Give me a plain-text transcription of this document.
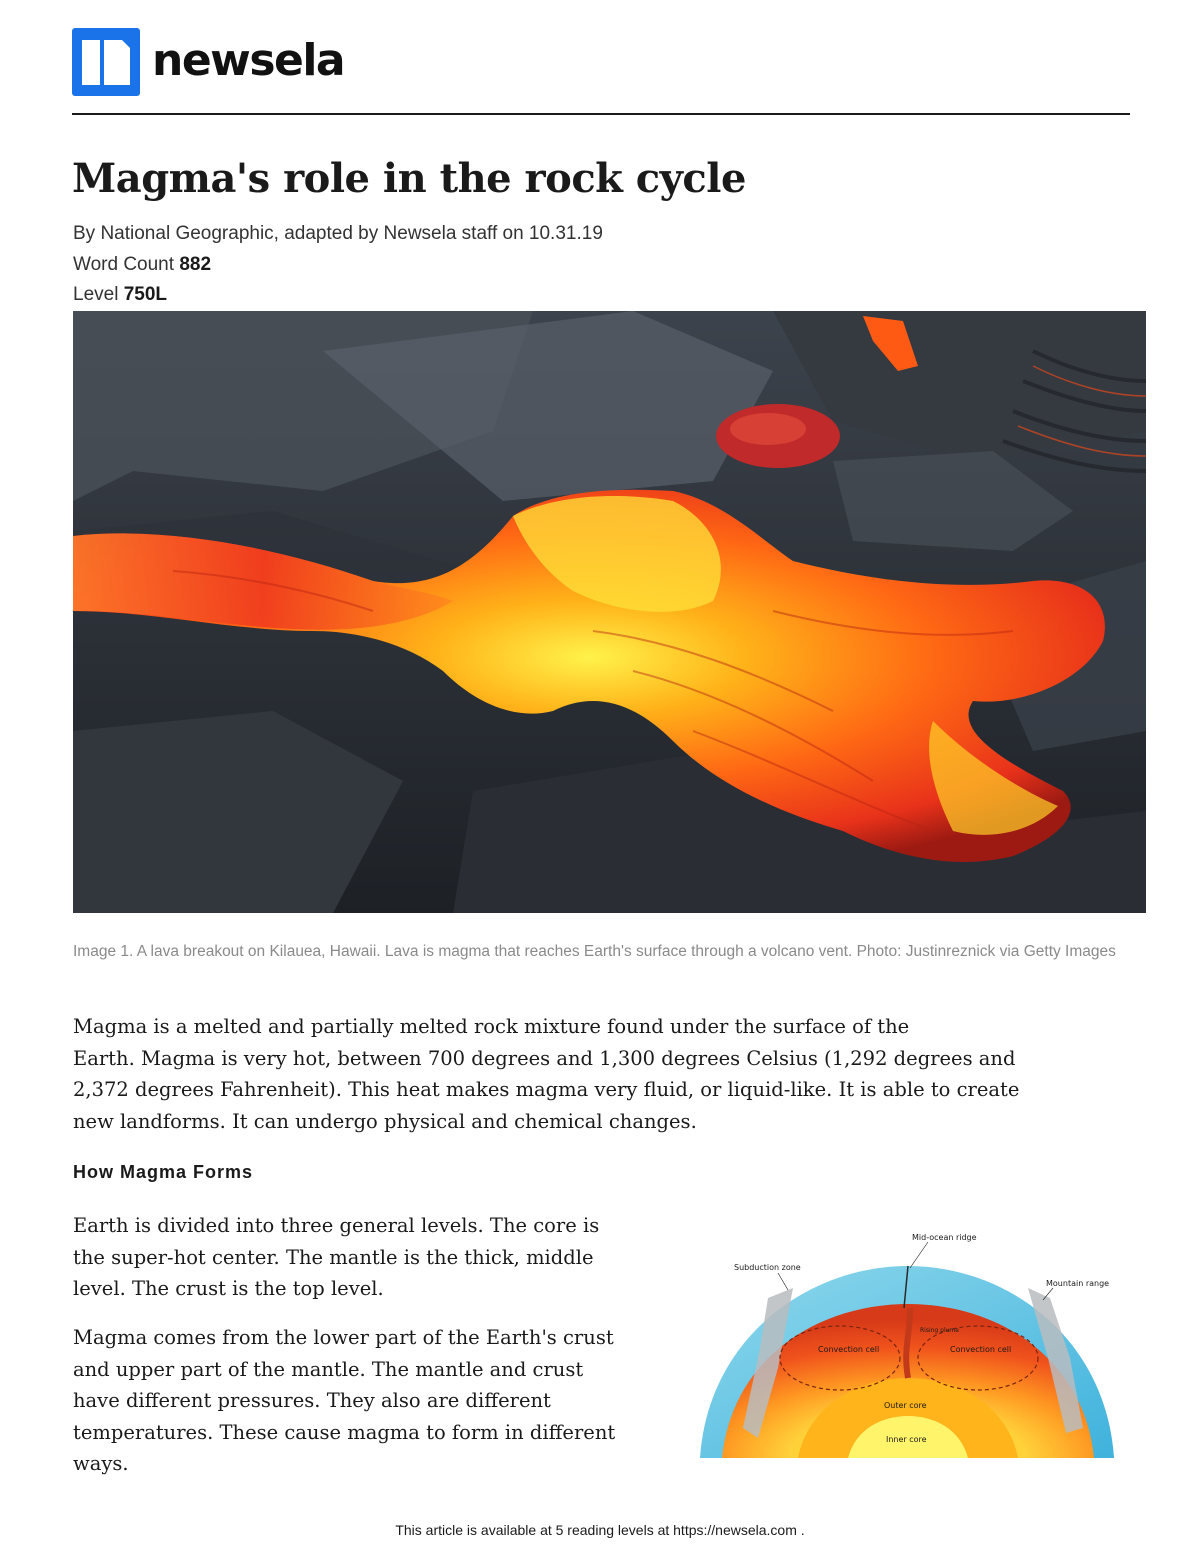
newsela
Magma's role in the rock cycle
By National Geographic, adapted by Newsela staff on 10.31.19
Word Count 882
Level 750L
Image 1. A lava breakout on Kilauea, Hawaii. Lava is magma that reaches Earth's surface through a volcano vent. Photo: Justinreznick via Getty Images
Magma is a melted and partially melted rock mixture found under the surface of the
Earth. Magma is very hot, between 700 degrees and 1,300 degrees Celsius (1,292 degrees and
2,372 degrees Fahrenheit). This heat makes magma very fluid, or liquid-like. It is able to create
new landforms. It can undergo physical and chemical changes.
How Magma Forms
Earth is divided into three general levels. The core is
the super-hot center. The mantle is the thick, middle
level. The crust is the top level.
Magma comes from the lower part of the Earth's crust
and upper part of the mantle. The mantle and crust
have different pressures. They also are different
temperatures. These cause magma to form in different
ways.
Mid-ocean ridge
Subduction zone
Mountain range
Convection cell	Convection cell
Rising plume
Outer core
Inner core
This article is available at 5 reading levels at https://newsela.com .
